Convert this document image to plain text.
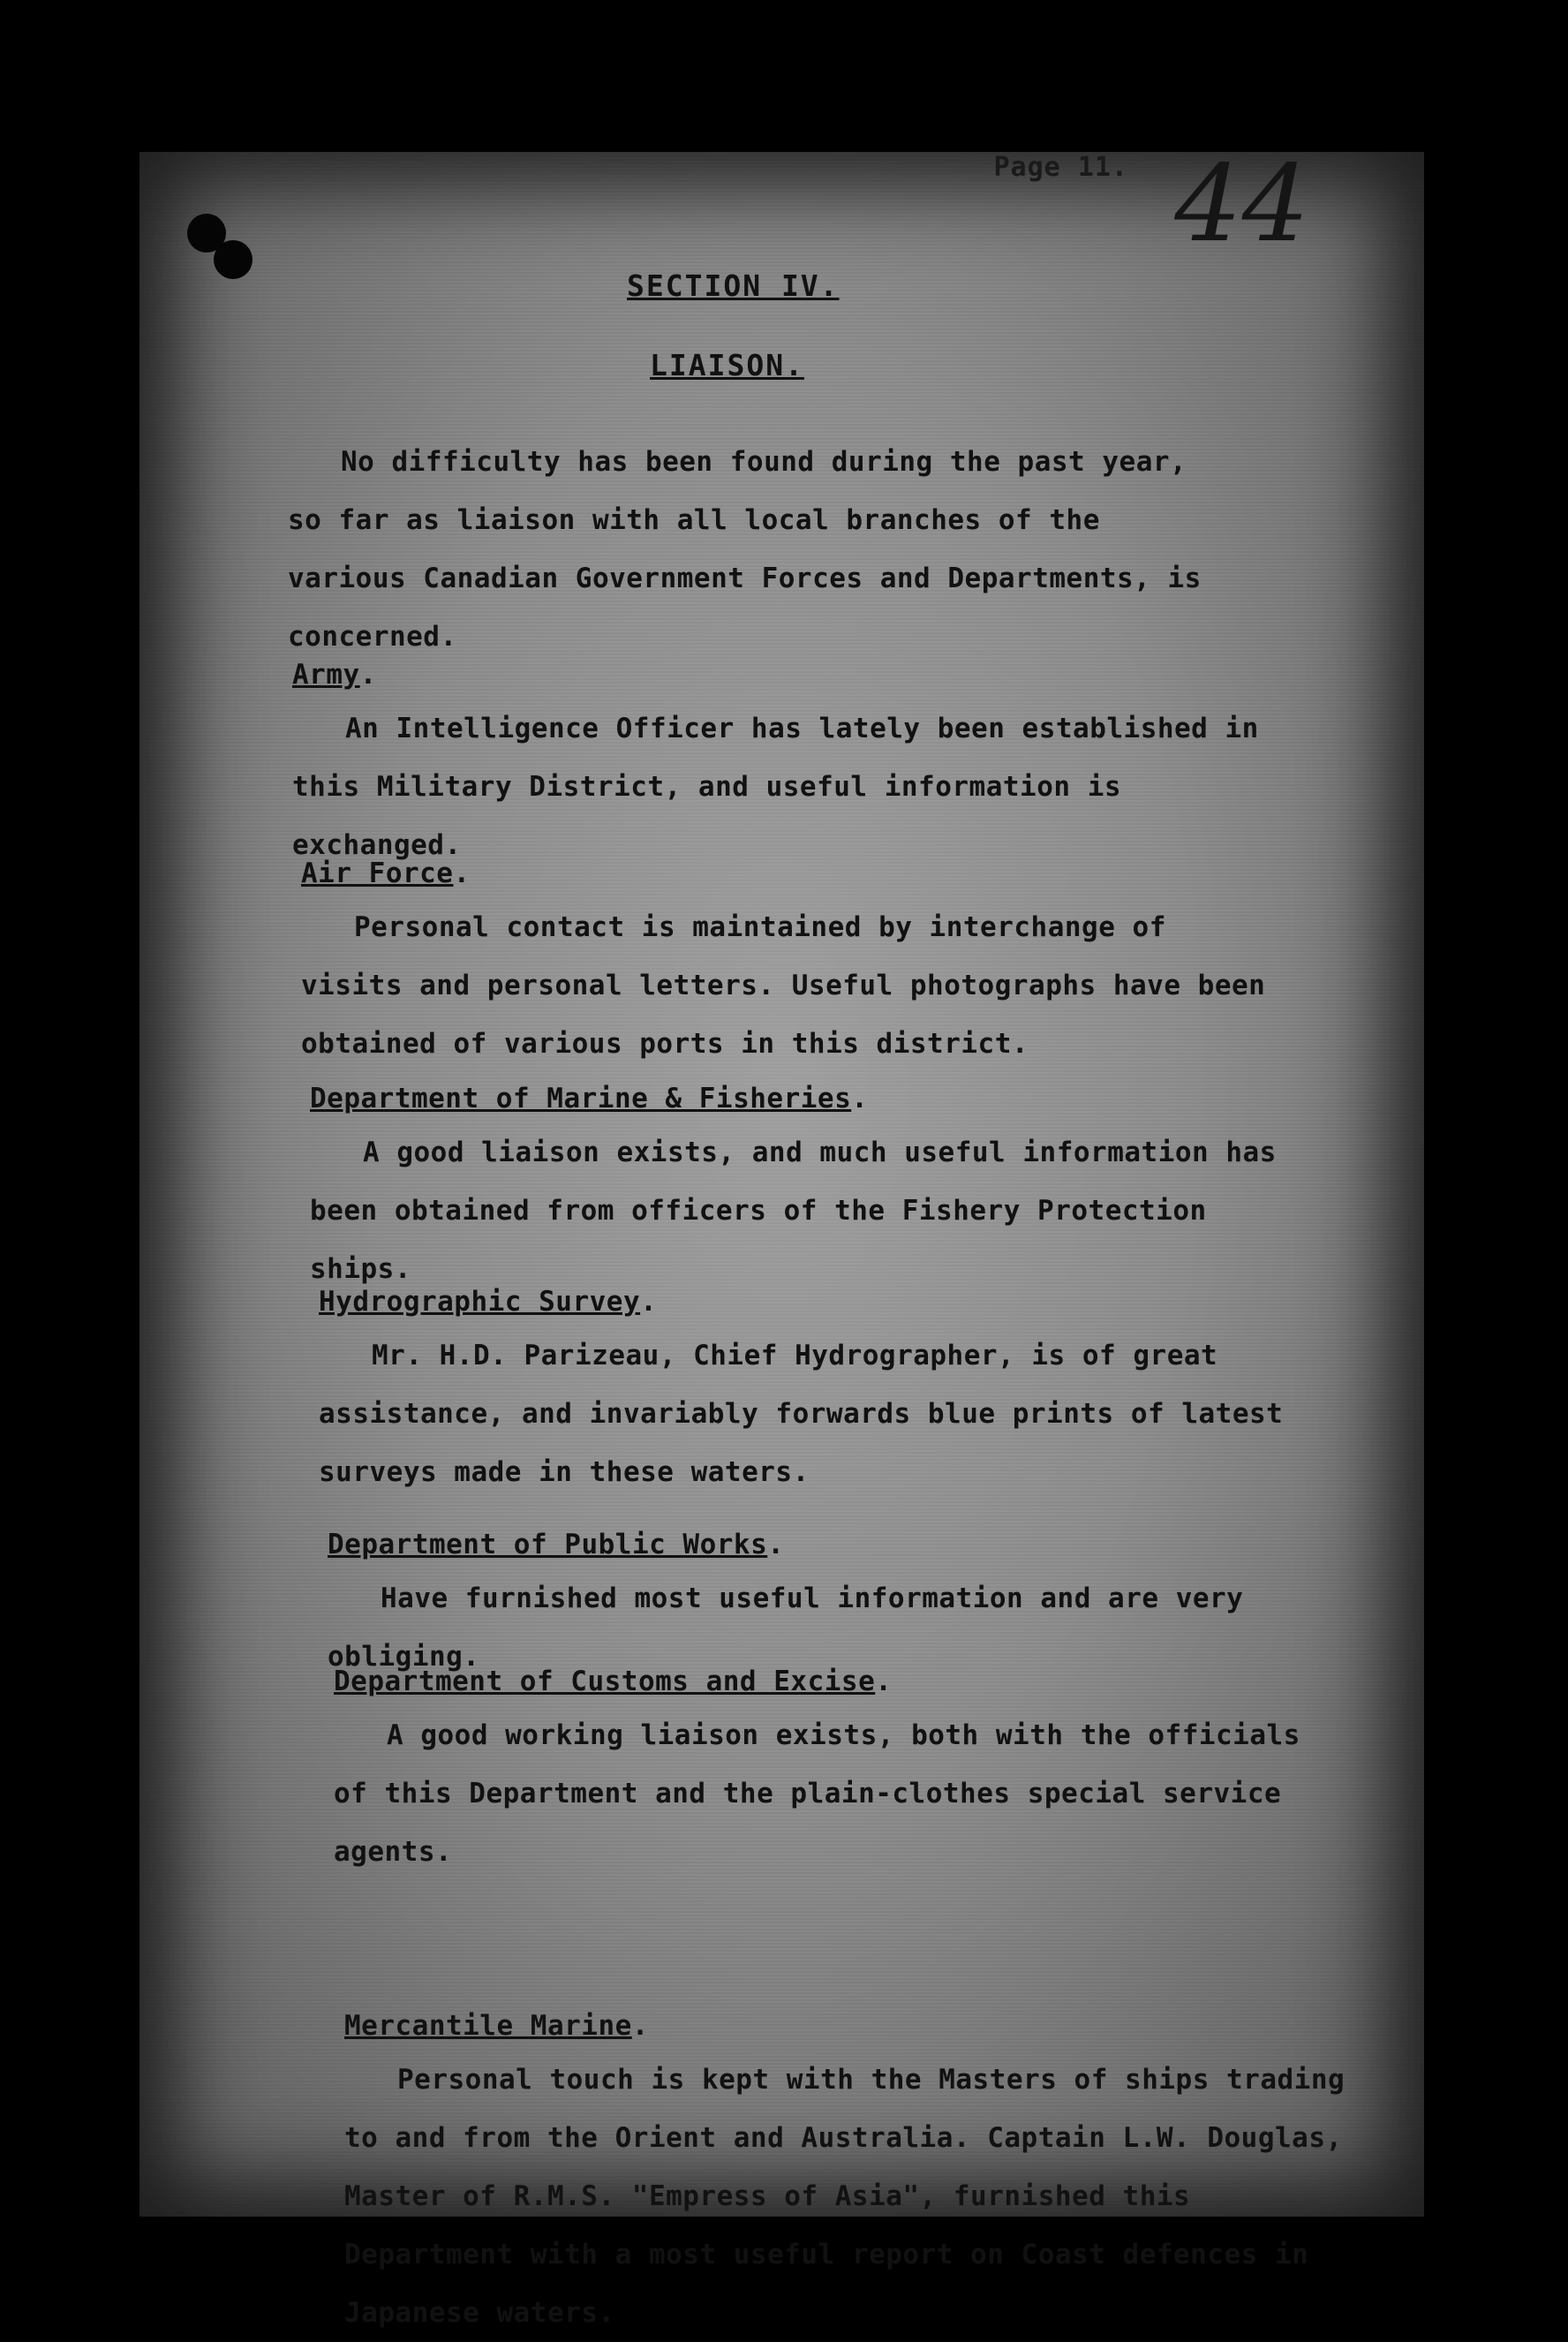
Page 11. 44
SECTION IV.
LIAISON.

No difficulty has been found during the past year, so far as liaison with all local branches of the various Canadian Government Forces and Departments, is concerned.

Army.

An Intelligence Officer has lately been established in this Military District, and useful information is exchanged.

Air Force.

Personal contact is maintained by interchange of visits and personal letters. Useful photographs have been obtained of various ports in this district.

Department of Marine & Fisheries.

A good liaison exists, and much useful information has been obtained from officers of the Fishery Protection ships.

Hydrographic Survey.

Mr. H.D. Parizeau, Chief Hydrographer, is of great assistance, and invariably forwards blue prints of latest surveys made in these waters.

Department of Public Works.

Have furnished most useful information and are very obliging.

Department of Customs and Excise.

A good working liaison exists, both with the officials of this Department and the plain-clothes special service agents.

Mercantile Marine.

Personal touch is kept with the Masters of ships trading to and from the Orient and Australia. Captain L.W. Douglas, Master of R.M.S. "Empress of Asia", furnished this Department with a most useful report on Coast defences in Japanese waters.
